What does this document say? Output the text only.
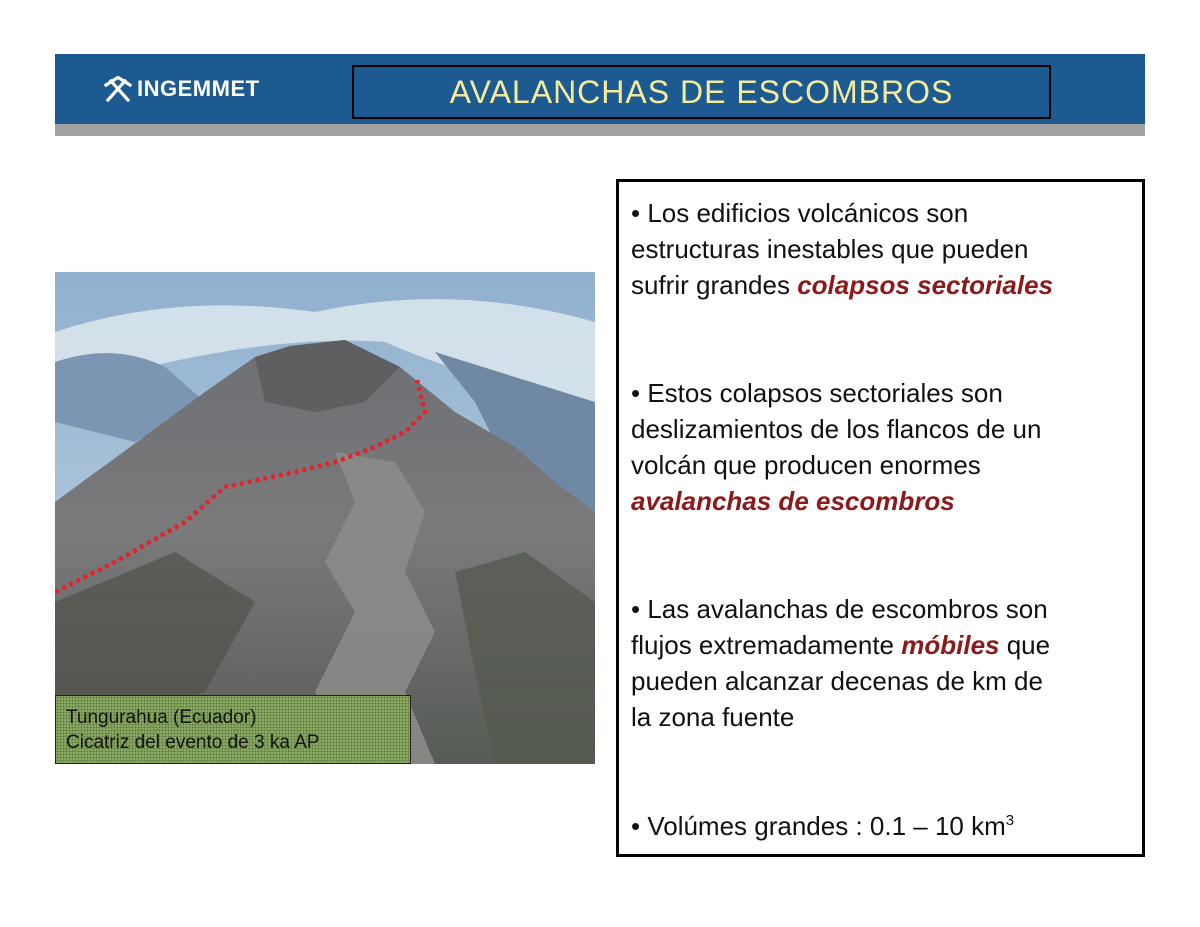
INGEMMET	AVALANCHAS DE ESCOMBROS
Tungurahua (Ecuador)
Cicatriz del evento de 3 ka AP
• Los edificios volcánicos son
estructuras inestables que pueden
sufrir grandes colapsos sectoriales
• Estos colapsos sectoriales son
deslizamientos de los flancos de un
volcán que producen enormes
avalanchas de escombros
• Las avalanchas de escombros son
flujos extremadamente móbiles que
pueden alcanzar decenas de km de
la zona fuente
• Volúmes grandes : 0.1 – 10 $km^3$
